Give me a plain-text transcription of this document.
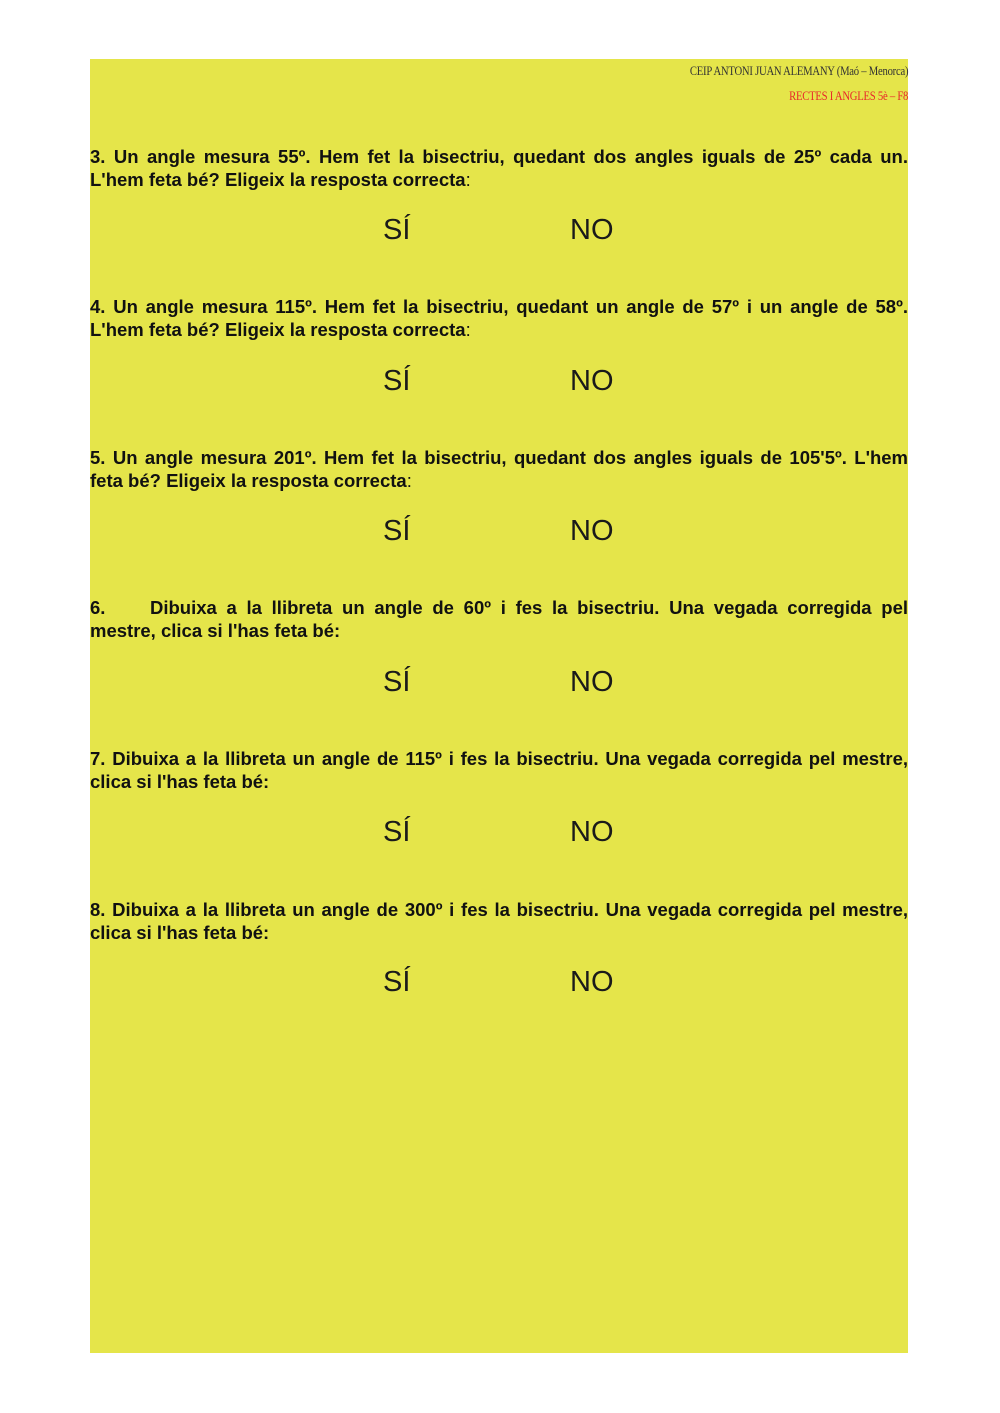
CEIP ANTONI JUAN ALEMANY (Maó – Menorca)
RECTES I ANGLES 5è – F8
3. Un angle mesura 55º. Hem fet la bisectriu, quedant dos angles iguals de 25º cada un. L'hem feta bé? Eligeix la resposta correcta:
SÍ	NO
4. Un angle mesura 115º. Hem fet la bisectriu, quedant un angle de 57º i un angle de 58º. L'hem feta bé? Eligeix la resposta correcta:
SÍ	NO
5. Un angle mesura 201º. Hem fet la bisectriu, quedant dos angles iguals de 105'5º. L'hem feta bé? Eligeix la resposta correcta:
SÍ	NO
6. Dibuixa a la llibreta un angle de 60º i fes la bisectriu. Una vegada corregida pel mestre, clica si l'has feta bé:
SÍ	NO
7. Dibuixa a la llibreta un angle de 115º i fes la bisectriu. Una vegada corregida pel mestre, clica si l'has feta bé:
SÍ	NO
8. Dibuixa a la llibreta un angle de 300º i fes la bisectriu. Una vegada corregida pel mestre, clica si l'has feta bé:
SÍ	NO
